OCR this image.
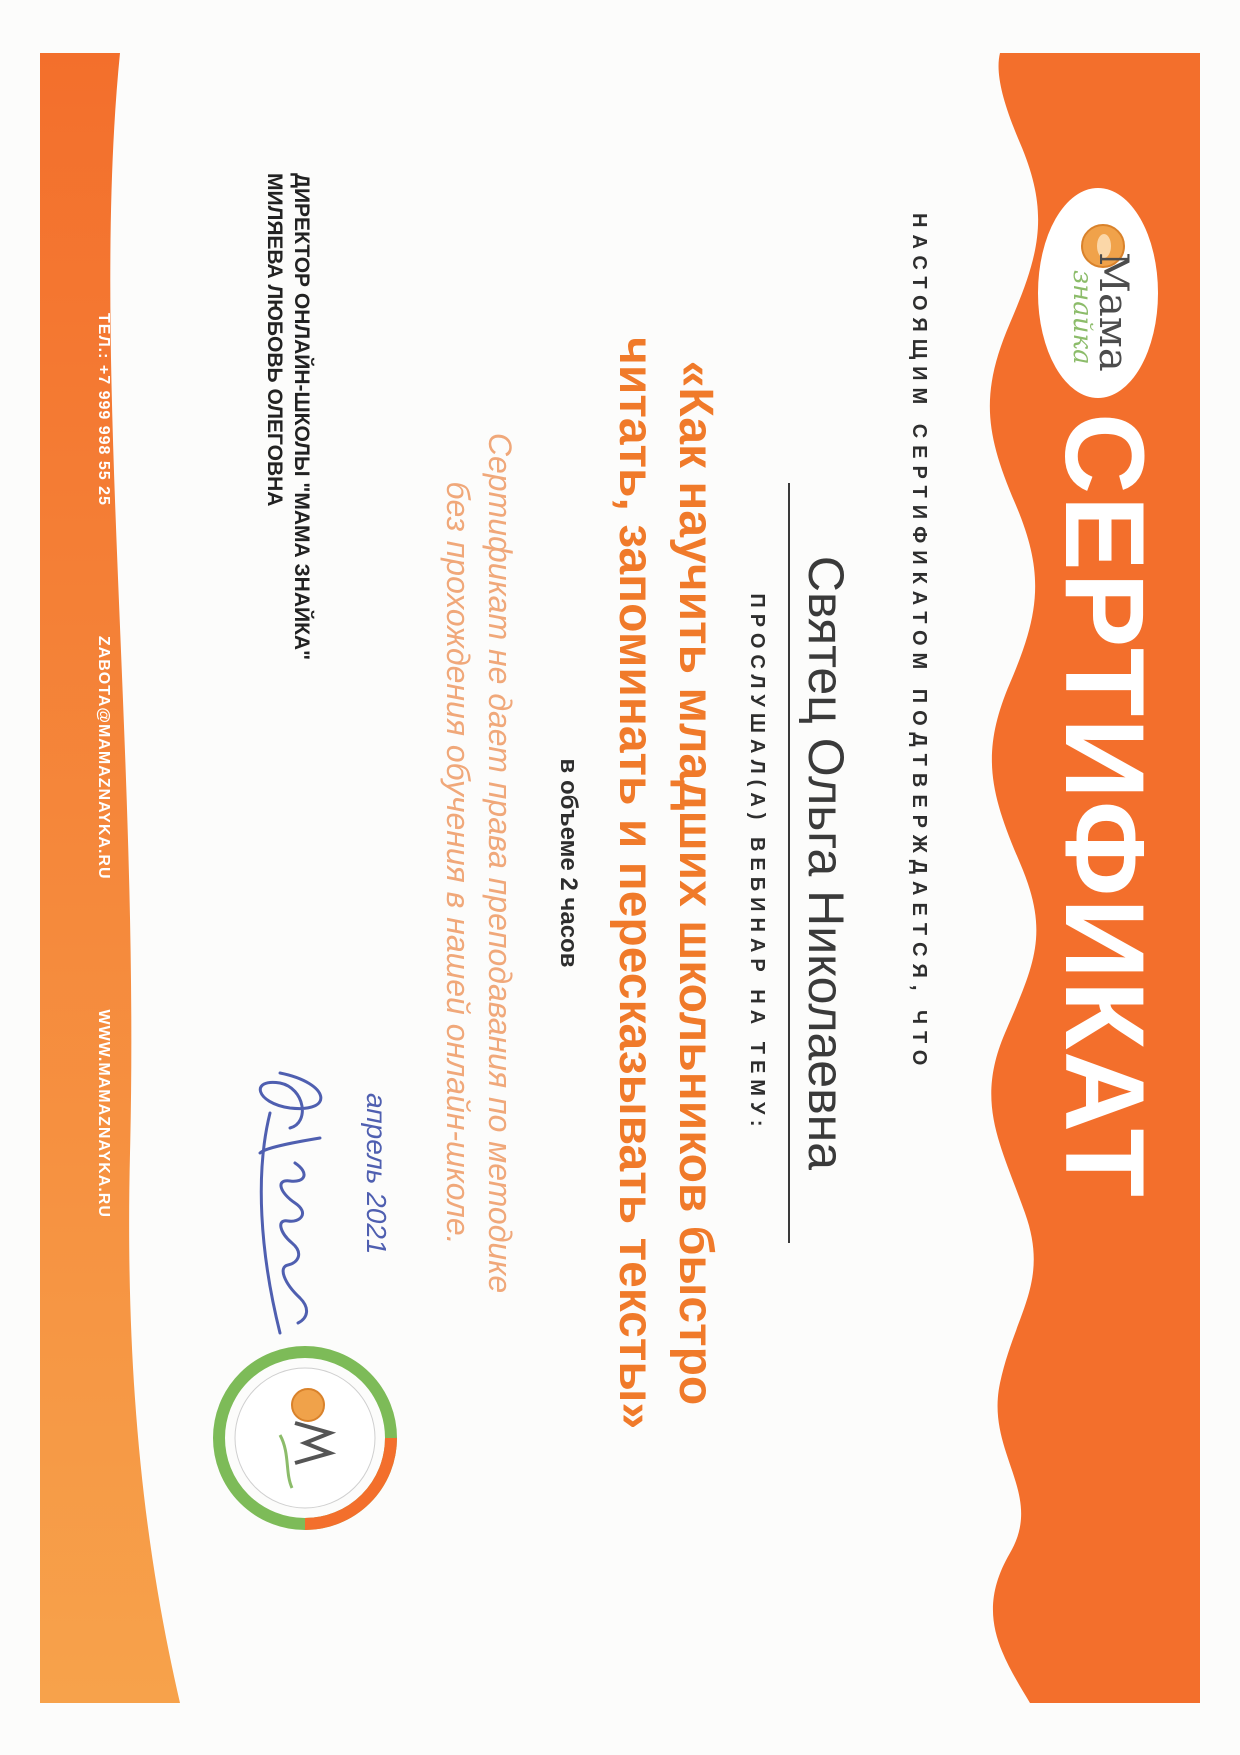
Мама
знайка
СЕРТИФИКАТ
НАСТОЯЩИМ СЕРТИФИКАТОМ ПОДТВЕРЖДАЕТСЯ, ЧТО
Святец Ольга Николаевна
ПРОСЛУШАЛ(А) ВЕБИНАР НА ТЕМУ:
«Как научить младших школьников быстро
читать, запоминать и пересказывать тексты»
в объеме 2 часов
Сертификат не дает права преподавания по методике
без прохождения обучения в нашей онлайн-школе.
ДИРЕКТОР ОНЛАЙН-ШКОЛЫ "МАМА ЗНАЙКА"
МИЛЯЕВА ЛЮБОВЬ ОЛЕГОВНА
апрель 2021
ТЕЛ.: +7 999 998 55 25
ZABOTA@MAMAZNAYKA.RU
WWW.MAMAZNAYKA.RU
